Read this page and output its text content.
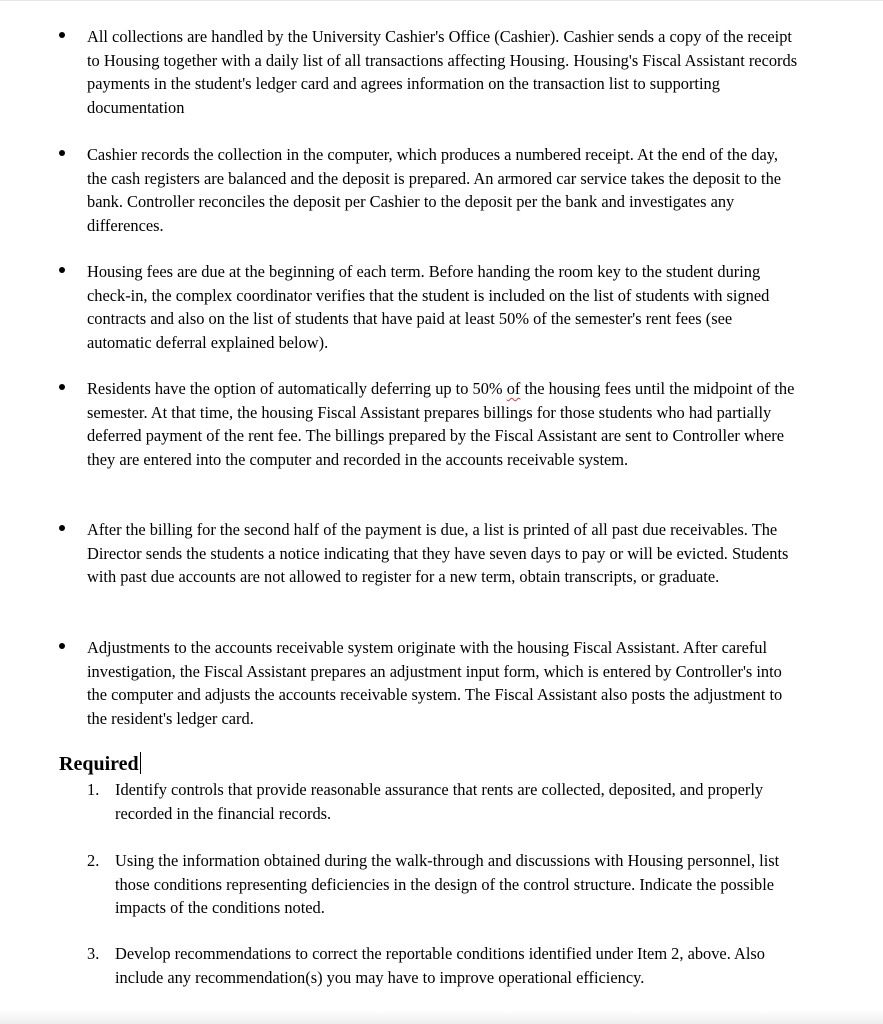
All collections are handled by the University Cashier's Office (Cashier). Cashier sends a copy of the receipt to Housing together with a daily list of all transactions affecting Housing. Housing's Fiscal Assistant records payments in the student's ledger card and agrees information on the transaction list to supporting documentation
Cashier records the collection in the computer, which produces a numbered receipt. At the end of the day, the cash registers are balanced and the deposit is prepared. An armored car service takes the deposit to the bank. Controller reconciles the deposit per Cashier to the deposit per the bank and investigates any differences.
Housing fees are due at the beginning of each term. Before handing the room key to the student during check-in, the complex coordinator verifies that the student is included on the list of students with signed contracts and also on the list of students that have paid at least 50% of the semester's rent fees (see automatic deferral explained below).
Residents have the option of automatically deferring up to 50% of the housing fees until the midpoint of the semester. At that time, the housing Fiscal Assistant prepares billings for those students who had partially deferred payment of the rent fee. The billings prepared by the Fiscal Assistant are sent to Controller where they are entered into the computer and recorded in the accounts receivable system.
After the billing for the second half of the payment is due, a list is printed of all past due receivables. The Director sends the students a notice indicating that they have seven days to pay or will be evicted. Students with past due accounts are not allowed to register for a new term, obtain transcripts, or graduate.
Adjustments to the accounts receivable system originate with the housing Fiscal Assistant. After careful investigation, the Fiscal Assistant prepares an adjustment input form, which is entered by Controller's into the computer and adjusts the accounts receivable system. The Fiscal Assistant also posts the adjustment to the resident's ledger card.
Required
1. Identify controls that provide reasonable assurance that rents are collected, deposited, and properly recorded in the financial records.
2. Using the information obtained during the walk-through and discussions with Housing personnel, list those conditions representing deficiencies in the design of the control structure. Indicate the possible impacts of the conditions noted.
3. Develop recommendations to correct the reportable conditions identified under Item 2, above. Also include any recommendation(s) you may have to improve operational efficiency.
